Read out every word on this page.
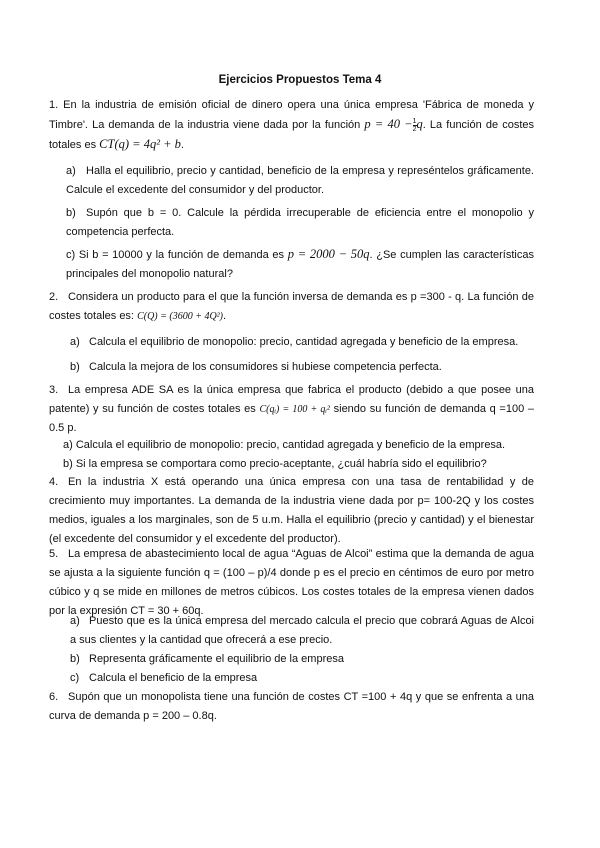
Ejercicios Propuestos Tema 4
1. En la industria de emisión oficial de dinero opera una única empresa 'Fábrica de moneda y Timbre'. La demanda de la industria viene dada por la función $p = 40 - \frac{1}{2} q$. La función de costes totales es CT(q) = 4q² + b.
a) Halla el equilibrio, precio y cantidad, beneficio de la empresa y represéntelos gráficamente. Calcule el excedente del consumidor y del productor.
b) Supón que b = 0. Calcule la pérdida irrecuperable de eficiencia entre el monopolio y competencia perfecta.
c) Si b = 10000 y la función de demanda es p = 2000 − 50q. ¿Se cumplen las características principales del monopolio natural?
2. Considera un producto para el que la función inversa de demanda es p =300 - q. La función de costes totales es: C(Q) = (3600 + 4Q²).
a) Calcula el equilibrio de monopolio: precio, cantidad agregada y beneficio de la empresa.
b) Calcula la mejora de los consumidores si hubiese competencia perfecta.
3. La empresa ADE SA es la única empresa que fabrica el producto (debido a que posee una patente) y su función de costes totales es C(qᵢ) = 100 + qᵢ² siendo su función de demanda q =100 – 0.5 p.
a) Calcula el equilibrio de monopolio: precio, cantidad agregada y beneficio de la empresa.
b) Si la empresa se comportara como precio-aceptante, ¿cuál habría sido el equilibrio?
4. En la industria X está operando una única empresa con una tasa de rentabilidad y de crecimiento muy importantes. La demanda de la industria viene dada por p= 100-2Q y los costes medios, iguales a los marginales, son de 5 u.m. Halla el equilibrio (precio y cantidad) y el bienestar (el excedente del consumidor y el excedente del productor).
5. La empresa de abastecimiento local de agua “Aguas de Alcoi” estima que la demanda de agua se ajusta a la siguiente función q = (100 – p)/4 donde p es el precio en céntimos de euro por metro cúbico y q se mide en millones de metros cúbicos. Los costes totales de la empresa vienen dados por la expresión CT = 30 + 60q.
a) Puesto que es la única empresa del mercado calcula el precio que cobrará Aguas de Alcoi a sus clientes y la cantidad que ofrecerá a ese precio.
b) Representa gráficamente el equilibrio de la empresa
c) Calcula el beneficio de la empresa
6. Supón que un monopolista tiene una función de costes CT =100 + 4q y que se enfrenta a una curva de demanda p = 200 – 0.8q.
